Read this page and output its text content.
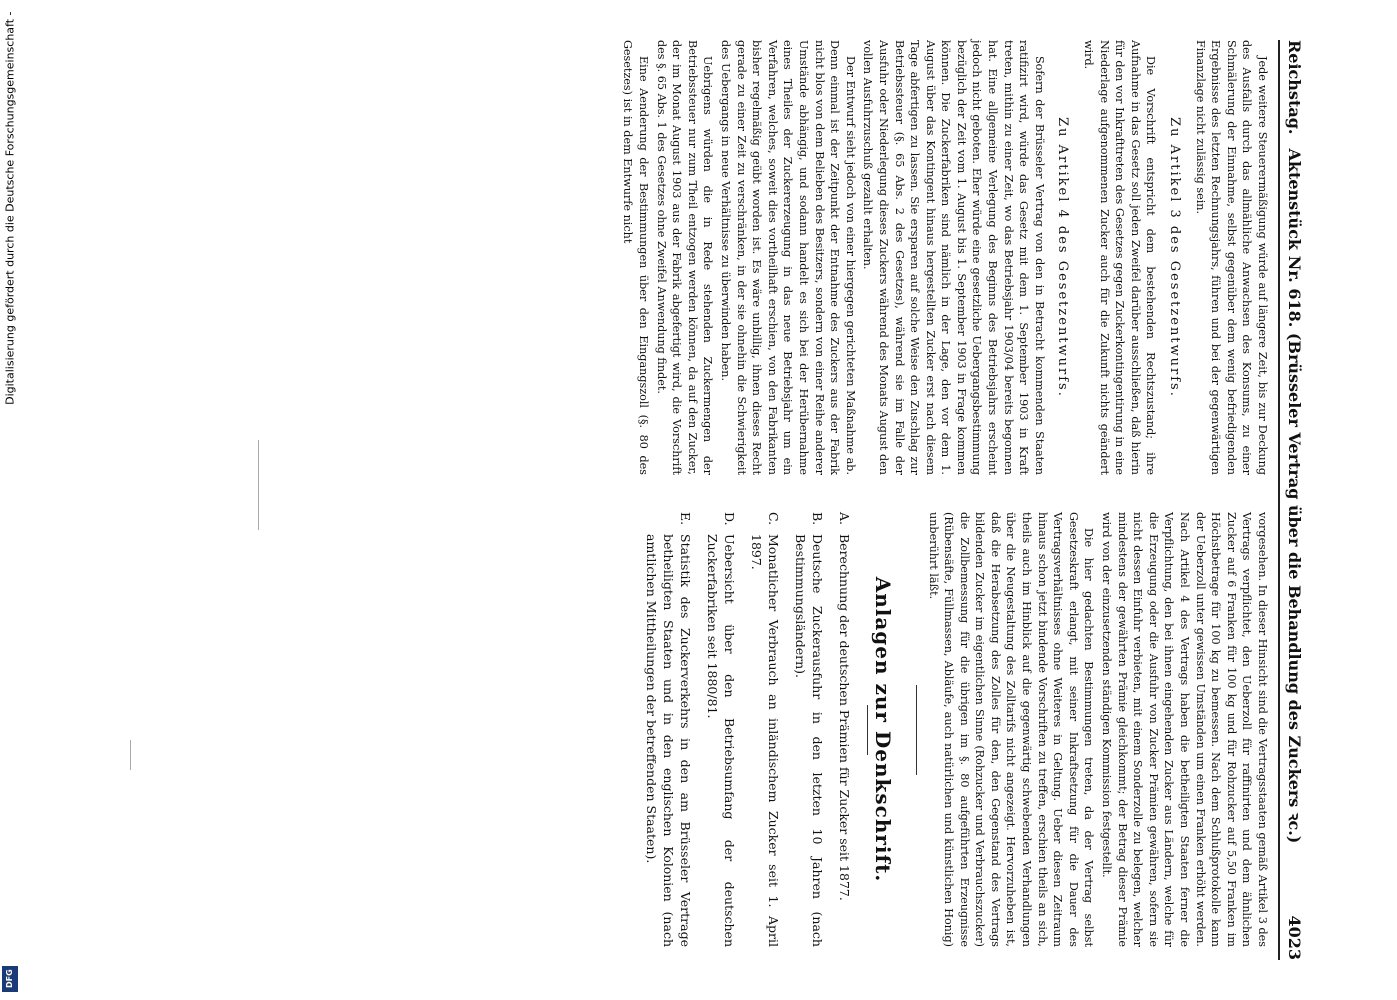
Digitalisierung gefördert durch die Deutsche Forschungsgemeinschaft -
DFG
Reichstag.
Aktenstück Nr. 618. (Brüsseler Vertrag über die Behandlung des Zuckers ꝛc.)
4023

Jede weitere Steuerermäßigung würde auf längere Zeit, bis zur Deckung des Ausfalls durch das allmähliche Anwachsen des Konsums, zu einer Schmälerung der Einnahme, selbst gegenüber dem wenig befriedigenden Ergebnisse des letzten Rechnungsjahrs, führen und bei der gegenwärtigen Finanzlage nicht zulässig sein.

Zu Artikel 3 des Gesetzentwurfs.

Die Vorschrift entspricht dem bestehenden Rechtszustand; ihre Aufnahme in das Gesetz soll jeden Zweifel darüber ausschließen, daß hierin für den vor Inkrafttreten des Gesetzes gegen Zuckerkontingentirung in eine Niederlage aufgenommenen Zucker auch für die Zukunft nichts geändert wird.

Zu Artikel 4 des Gesetzentwurfs.

Sofern der Brüsseler Vertrag von den in Betracht kommenden Staaten ratifizirt wird, würde das Gesetz mit dem 1. September 1903 in Kraft treten, mithin zu einer Zeit, wo das Betriebsjahr 1903/04 bereits begonnen hat. Eine allgemeine Verlegung des Beginns des Betriebsjahrs erscheint jedoch nicht geboten. Eher würde eine gesetzliche Uebergangsbestimmung bezüglich der Zeit vom 1. August bis 1. September 1903 in Frage kommen können. Die Zuckerfabriken sind nämlich in der Lage, den vor dem 1. August über das Kontingent hinaus hergestellten Zucker erst nach diesem Tage abfertigen zu lassen. Sie ersparen auf solche Weise den Zuschlag zur Betriebssteuer (§. 65 Abs. 2 des Gesetzes), während sie im Falle der Ausfuhr oder Niederlegung dieses Zuckers während des Monats August den vollen Ausfuhrzuschuß gezahlt erhalten.

Der Entwurf sieht jedoch von einer hiergegen gerichteten Maßnahme ab. Denn einmal ist der Zeitpunkt der Entnahme des Zuckers aus der Fabrik nicht blos von dem Belieben des Besitzers, sondern von einer Reihe anderer Umstände abhängig, und sodann handelt es sich bei der Herübernahme eines Theiles der Zuckererzeugung in das neue Betriebsjahr um ein Verfahren, welches, soweit dies vortheilhaft erschien, von den Fabrikanten bisher regelmäßig geübt worden ist. Es wäre unbillig, ihnen dieses Recht gerade zu einer Zeit zu verschränken, in der sie ohnehin die Schwierigkeit des Uebergangs in neue Verhältnisse zu überwinden haben.

Uebrigens würden die in Rede stehenden Zuckermengen der Betriebssteuer nur zum Theil entzogen werden können, da auf den Zucker, der im Monat August 1903 aus der Fabrik abgefertigt wird, die Vorschrift des §. 65 Abs. 1 des Gesetzes ohne Zweifel Anwendung findet.

Eine Aenderung der Bestimmungen über den Eingangszoll (§. 80 des Gesetzes) ist in dem Entwurfe nicht

vorgesehen. In dieser Hinsicht sind die Vertragsstaaten gemäß Artikel 3 des Vertrags verpflichtet, den Ueberzoll für raffinirten und dem ähnlichen Zucker auf 6 Franken für 100 kg und für Rohzucker auf 5,50 Franken im Höchstbetrage für 100 kg zu bemessen. Nach dem Schlußprotokolle kann der Ueberzoll unter gewissen Umständen um einen Franken erhöht werden. Nach Artikel 4 des Vertrags haben die betheiligten Staaten ferner die Verpflichtung, den bei ihnen eingehenden Zucker aus Ländern, welche für die Erzeugung oder die Ausfuhr von Zucker Prämien gewähren, sofern sie nicht dessen Einfuhr verbieten, mit einem Sonderzolle zu belegen, welcher mindestens der gewährten Prämie gleichkommt; der Betrag dieser Prämie wird von der einzusetzenden ständigen Kommission festgestellt.

Die hier gedachten Bestimmungen treten, da der Vertrag selbst Gesetzeskraft erlangt, mit seiner Inkraftsetzung für die Dauer des Vertragsverhältnisses ohne Weiteres in Geltung. Ueber diesen Zeitraum hinaus schon jetzt bindende Vorschriften zu treffen, erschien theils an sich, theils auch im Hinblick auf die gegenwärtig schwebenden Verhandlungen über die Neugestaltung des Zolltarifs nicht angezeigt. Hervorzuheben ist, daß die Herabsetzung des Zolles für den, den Gegenstand des Vertrags bildenden Zucker im eigentlichen Sinne (Rohzucker und Verbrauchszucker) die Zollbemessung für die übrigen im §. 80 aufgeführten Erzeugnisse (Rübensäfte, Füllmassen, Abläufe, auch natürlichen und künstlichen Honig) unberührt läßt.

Anlagen zur Denkschrift.
A.
Berechnung der deutschen Prämien für Zucker seit 1877.
B.
Deutsche Zuckerausfuhr in den letzten 10 Jahren (nach Bestimmungsländern).
C.
Monatlicher Verbrauch an inländischem Zucker seit 1. April 1897.
D.
Uebersicht über den Betriebsumfang der deutschen Zuckerfabriken seit 1880/81.
E.
Statistik des Zuckerverkehrs in den am Brüsseler Vertrage betheiligten Staaten und in den englischen Kolonien (nach amtlichen Mittheilungen der betreffenden Staaten).
